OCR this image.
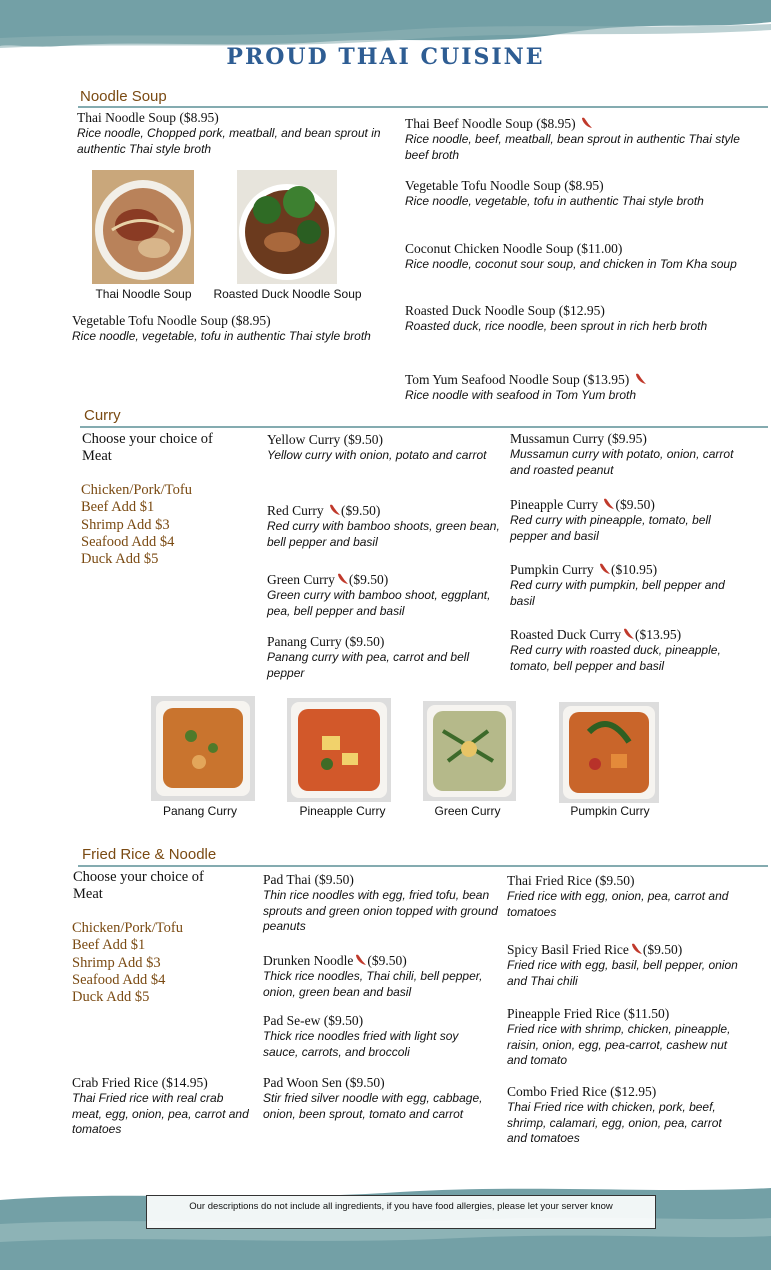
PROUD THAI CUISINE
Noodle Soup
Thai Noodle Soup ($8.95)
Rice noodle, Chopped pork, meatball, and bean sprout in authentic Thai style broth
Thai Noodle Soup	Roasted Duck Noodle Soup
Vegetable Tofu Noodle Soup ($8.95)
Rice noodle, vegetable, tofu in authentic Thai style broth
Thai Beef Noodle Soup ($8.95)
Rice noodle, beef, meatball, bean sprout in authentic Thai style beef broth
Vegetable Tofu Noodle Soup ($8.95)
Rice noodle, vegetable, tofu in authentic Thai style broth
Coconut Chicken Noodle Soup ($11.00)
Rice noodle, coconut sour soup, and chicken in Tom Kha soup
Roasted Duck Noodle Soup ($12.95)
Roasted duck, rice noodle, been sprout in rich herb broth
Tom Yum Seafood Noodle Soup ($13.95)
Rice noodle with seafood in Tom Yum broth
Curry
Choose your choice of Meat
Chicken/Pork/Tofu
Beef Add $1
Shrimp Add $3
Seafood Add $4
Duck Add $5
Yellow Curry ($9.50)
Yellow curry with onion, potato and carrot
Red Curry ($9.50)
Red curry with bamboo shoots, green bean, bell pepper and basil
Green Curry ($9.50)
Green curry with bamboo shoot, eggplant, pea, bell pepper and basil
Panang Curry ($9.50)
Panang curry with pea, carrot and bell pepper
Mussamun Curry ($9.95)
Mussamun curry with potato, onion, carrot and roasted peanut
Pineapple Curry ($9.50)
Red curry with pineapple, tomato, bell pepper and basil
Pumpkin Curry ($10.95)
Red curry with pumpkin, bell pepper and basil
Roasted Duck Curry ($13.95)
Red curry with roasted duck, pineapple, tomato, bell pepper and basil
Panang Curry	Pineapple Curry	Green Curry	Pumpkin Curry
Fried Rice & Noodle
Choose your choice of Meat
Chicken/Pork/Tofu
Beef Add $1
Shrimp Add $3
Seafood Add $4
Duck Add $5
Pad Thai ($9.50)
Thin rice noodles with egg, fried tofu, bean sprouts and green onion topped with ground peanuts
Drunken Noodle ($9.50)
Thick rice noodles, Thai chili, bell pepper, onion, green bean and basil
Pad Se-ew ($9.50)
Thick rice noodles fried with light soy sauce, carrots, and broccoli
Pad Woon Sen ($9.50)
Stir fried silver noodle with egg, cabbage, onion, been sprout, tomato and carrot
Thai Fried Rice ($9.50)
Fried rice with egg, onion, pea, carrot and tomatoes
Spicy Basil Fried Rice ($9.50)
Fried rice with egg, basil, bell pepper, onion and Thai chili
Pineapple Fried Rice ($11.50)
Fried rice with shrimp, chicken, pineapple, raisin, onion, egg, pea-carrot, cashew nut and tomato
Combo Fried Rice ($12.95)
Thai Fried rice with chicken, pork, beef, shrimp, calamari, egg, onion, pea, carrot and tomatoes
Crab Fried Rice ($14.95)
Thai Fried rice with real crab meat, egg, onion, pea, carrot and tomatoes
Our descriptions do not include all ingredients, if you have food allergies, please let your server know
